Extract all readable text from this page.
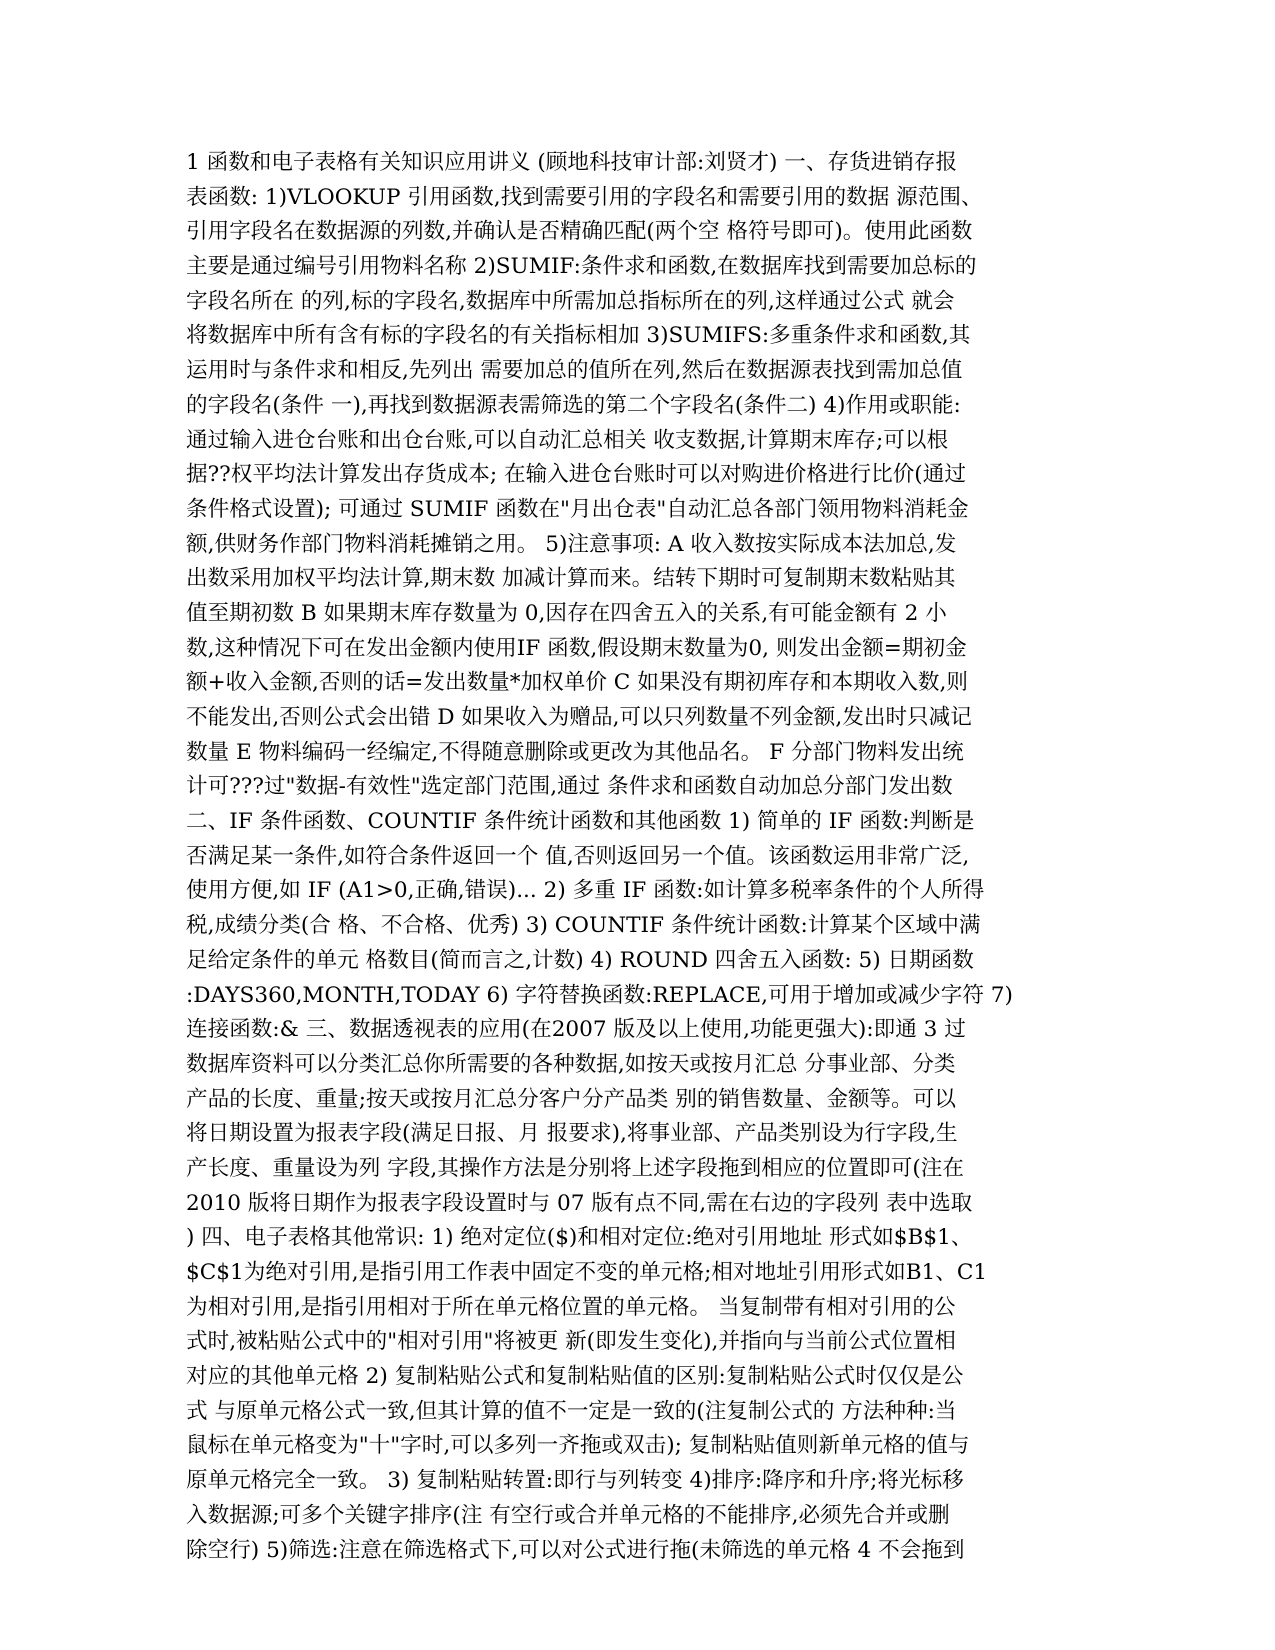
1 函数和电子表格有关知识应用讲义 (顾地科技审计部:刘贤才) 一、存货进销存报
表函数: 1)VLOOKUP 引用函数,找到需要引用的字段名和需要引用的数据 源范围、
引用字段名在数据源的列数,并确认是否精确匹配(两个空 格符号即可)。使用此函数
主要是通过编号引用物料名称 2)SUMIF:条件求和函数,在数据库找到需要加总标的
字段名所在 的列,标的字段名,数据库中所需加总指标所在的列,这样通过公式 就会
将数据库中所有含有标的字段名的有关指标相加 3)SUMIFS:多重条件求和函数,其
运用时与条件求和相反,先列出 需要加总的值所在列,然后在数据源表找到需加总值
的字段名(条件 一),再找到数据源表需筛选的第二个字段名(条件二) 4)作用或职能:
通过输入进仓台账和出仓台账,可以自动汇总相关 收支数据,计算期末库存;可以根
据??权平均法计算发出存货成本; 在输入进仓台账时可以对购进价格进行比价(通过
条件格式设置); 可通过 SUMIF 函数在"月出仓表"自动汇总各部门领用物料消耗金
额,供财务作部门物料消耗摊销之用。 5)注意事项: A 收入数按实际成本法加总,发
出数采用加权平均法计算,期末数 加减计算而来。结转下期时可复制期末数粘贴其
值至期初数 B 如果期末库存数量为 0,因存在四舍五入的关系,有可能金额有 2 小
数,这种情况下可在发出金额内使用IF 函数,假设期末数量为0, 则发出金额=期初金
额+收入金额,否则的话=发出数量*加权单价 C 如果没有期初库存和本期收入数,则
不能发出,否则公式会出错 D 如果收入为赠品,可以只列数量不列金额,发出时只减记
数量 E 物料编码一经编定,不得随意删除或更改为其他品名。 F 分部门物料发出统
计可???过"数据-有效性"选定部门范围,通过 条件求和函数自动加总分部门发出数
二、IF 条件函数、COUNTIF 条件统计函数和其他函数 1) 简单的 IF 函数:判断是
否满足某一条件,如符合条件返回一个 值,否则返回另一个值。该函数运用非常广泛,
使用方便,如 IF (A1>0,正确,错误)... 2) 多重 IF 函数:如计算多税率条件的个人所得
税,成绩分类(合 格、不合格、优秀) 3) COUNTIF 条件统计函数:计算某个区域中满
足给定条件的单元 格数目(简而言之,计数) 4) ROUND 四舍五入函数: 5) 日期函数
:DAYS360,MONTH,TODAY 6) 字符替换函数:REPLACE,可用于增加或减少字符 7)
连接函数:& 三、数据透视表的应用(在2007 版及以上使用,功能更强大):即通 3 过
数据库资料可以分类汇总你所需要的各种数据,如按天或按月汇总 分事业部、分类
产品的长度、重量;按天或按月汇总分客户分产品类 别的销售数量、金额等。可以
将日期设置为报表字段(满足日报、月 报要求),将事业部、产品类别设为行字段,生
产长度、重量设为列 字段,其操作方法是分别将上述字段拖到相应的位置即可(注在
2010 版将日期作为报表字段设置时与 07 版有点不同,需在右边的字段列 表中选取
) 四、电子表格其他常识: 1) 绝对定位($)和相对定位:绝对引用地址 形式如$B$1、
$C$1为绝对引用,是指引用工作表中固定不变的单元格;相对地址引用形式如B1、C1
为相对引用,是指引用相对于所在单元格位置的单元格。 当复制带有相对引用的公
式时,被粘贴公式中的"相对引用"将被更 新(即发生变化),并指向与当前公式位置相
对应的其他单元格 2) 复制粘贴公式和复制粘贴值的区别:复制粘贴公式时仅仅是公
式 与原单元格公式一致,但其计算的值不一定是一致的(注复制公式的 方法种种:当
鼠标在单元格变为"十"字时,可以多列一齐拖或双击); 复制粘贴值则新单元格的值与
原单元格完全一致。 3) 复制粘贴转置:即行与列转变 4)排序:降序和升序;将光标移
入数据源;可多个关键字排序(注 有空行或合并单元格的不能排序,必须先合并或删
除空行) 5)筛选:注意在筛选格式下,可以对公式进行拖(未筛选的单元格 4 不会拖到
